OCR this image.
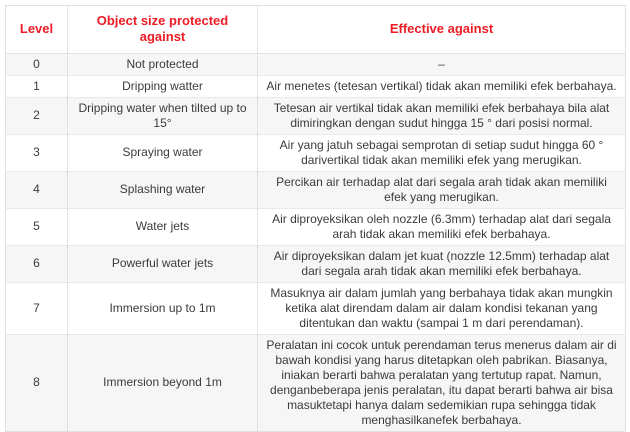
Level	Object size protected against	Effective against
0	Not protected	–
1	Dripping watter	Air menetes (tetesan vertikal) tidak akan memiliki efek berbahaya.
2	Dripping water when tilted up to 15°	Tetesan air vertikal tidak akan memiliki efek berbahaya bila alat dimiringkan dengan sudut hingga 15 ° dari posisi normal.
3	Spraying water	Air yang jatuh sebagai semprotan di setiap sudut hingga 60 ° darivertikal tidak akan memiliki efek yang merugikan.
4	Splashing water	Percikan air terhadap alat dari segala arah tidak akan memiliki efek yang merugikan.
5	Water jets	Air diproyeksikan oleh nozzle (6.3mm) terhadap alat dari segala arah tidak akan memiliki efek berbahaya.
6	Powerful water jets	Air diproyeksikan dalam jet kuat (nozzle 12.5mm) terhadap alat dari segala arah tidak akan memiliki efek berbahaya.
7	Immersion up to 1m	Masuknya air dalam jumlah yang berbahaya tidak akan mungkin ketika alat direndam dalam air dalam kondisi tekanan yang ditentukan dan waktu (sampai 1 m dari perendaman).
8	Immersion beyond 1m	Peralatan ini cocok untuk perendaman terus menerus dalam air di bawah kondisi yang harus ditetapkan oleh pabrikan. Biasanya, iniakan berarti bahwa peralatan yang tertutup rapat. Namun, denganbeberapa jenis peralatan, itu dapat berarti bahwa air bisa masuktetapi hanya dalam sedemikian rupa sehingga tidak menghasilkanefek berbahaya.
